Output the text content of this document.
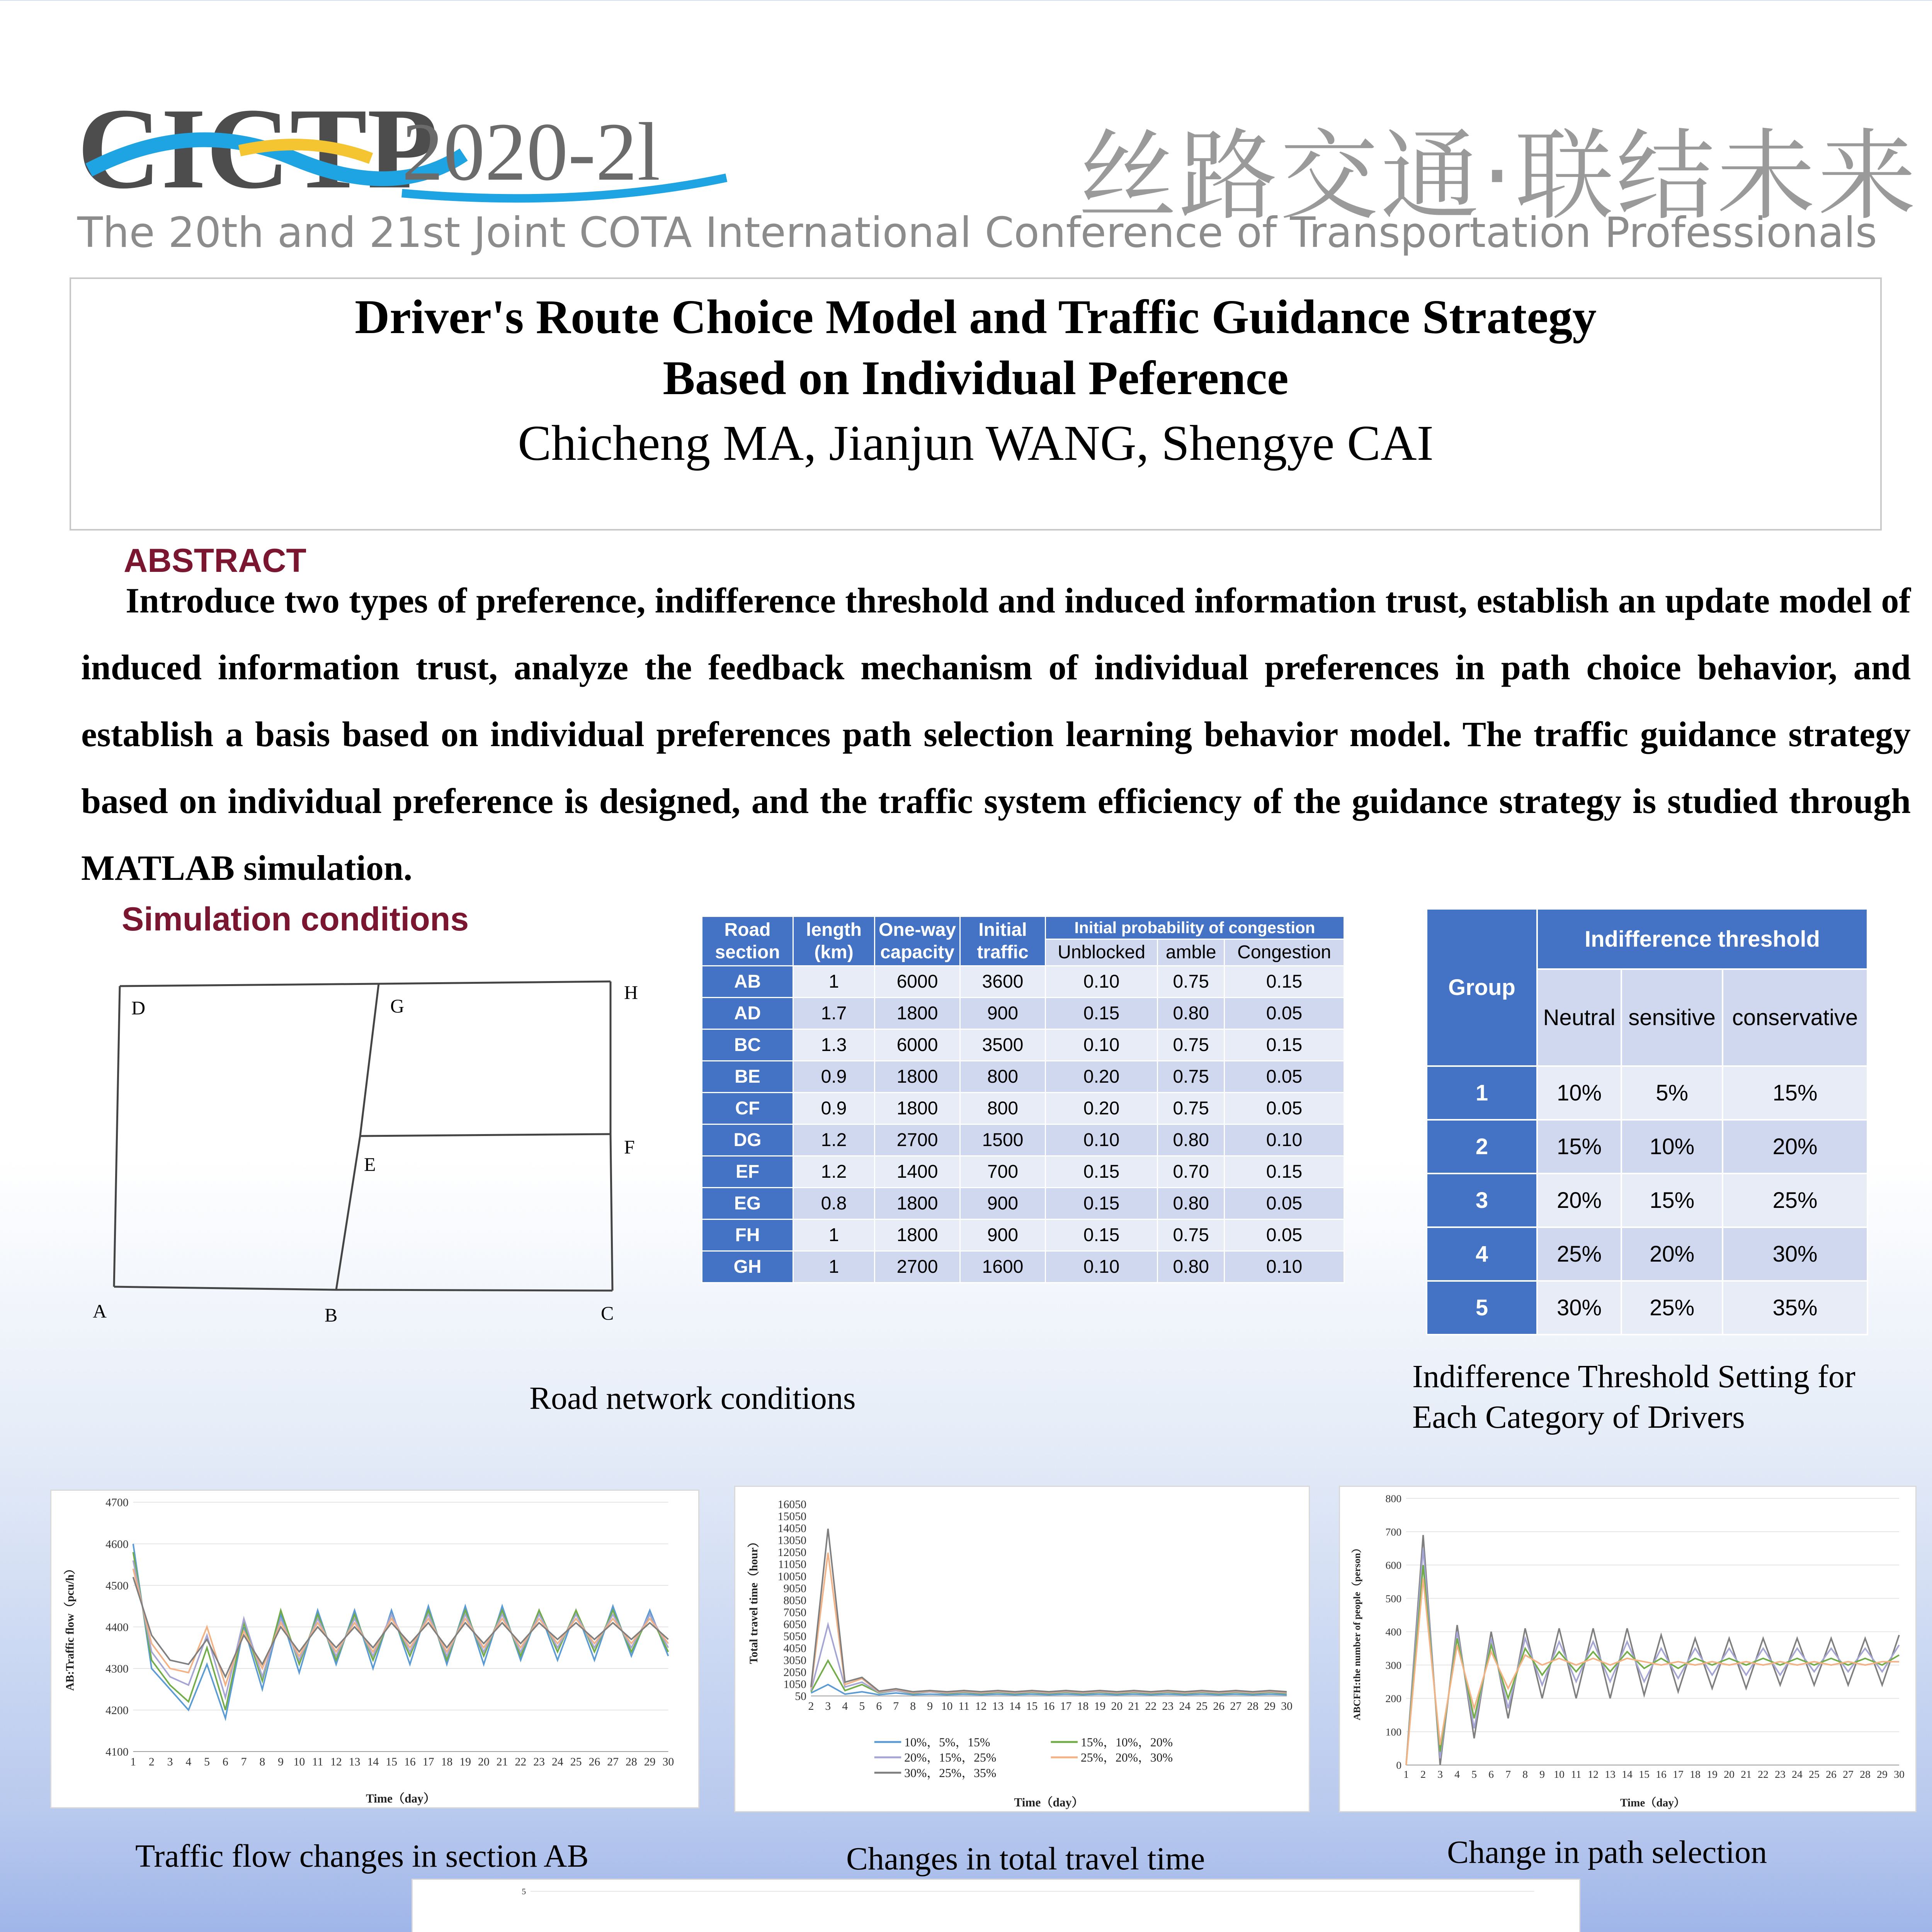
CICTP
2020-2l	丝路交通·联结未来
The 20th and 21st Joint COTA International Conference of Transportation Professionals
Driver's Route Choice Model and Traffic Guidance Strategy
Based on Individual Peference
Chicheng MA, Jianjun WANG, Shengye CAI
ABSTRACT
Introduce two types of preference, indifference threshold and induced information trust, establish an update model of induced information trust, analyze the feedback mechanism of individual preferences in path choice behavior, and establish a basis based on individual preferences path selection learning behavior model. The traffic guidance strategy based on individual preference is designed, and the traffic system efficiency of the guidance strategy is studied through MATLAB simulation.
Simulation conditions
D	G
H
E
F
A	B	C
Road network conditions
Road section	length (km)	One-way capacity	Initial traffic	Initial probability of congestion		
				Unblocked	amble	Congestion
AB	1	6000	3600	0.10	0.75	0.15
AD	1.7	1800	900	0.15	0.80	0.05
BC	1.3	6000	3500	0.10	0.75	0.15
BE	0.9	1800	800	0.20	0.75	0.05
CF	0.9	1800	800	0.20	0.75	0.05
DG	1.2	2700	1500	0.10	0.80	0.10
EF	1.2	1400	700	0.15	0.70	0.15
EG	0.8	1800	900	0.15	0.80	0.05
FH	1	1800	900	0.15	0.75	0.05
GH	1	2700	1600	0.10	0.80	0.10
Group	Indifference threshold		
	Neutral	sensitive	conservative
1	10%	5%	15%
2	15%	10%	20%
3	20%	15%	25%
4	25%	20%	30%
5	30%	25%	35%
Indifference Threshold Setting for Each Category of Drivers
4100
4200
4300
4400
4500
4600
4700
1 2 3 4 5 6 7 8 9 10 11 12 13 14 15 16 17 18 19 20 21 22 23 24 25 26 27 28 29 30
Time（day）
AB:Traffic flow（pcu/h）
Traffic flow changes in section AB
50
1050
2050
3050
4050
5050
6050
7050
8050
9050
10050
11050
12050
13050
14050
15050
16050
2 3 4 5 6 7 8 9 10 11 12 13 14 15 16 17 18 19 20 21 22 23 24 25 26 27 28 29 30
Time（day）
Total travel time（hour）
10%，5%，15%	15%，10%，20%
20%，15%，25%	25%，20%，30%
30%，25%，35%
Changes in total travel time
0
100
200
300
400
500
600
700
800
1 2 3 4 5 6 7 8 9 10 11 12 13 14 15 16 17 18 19 20 21 22 23 24 25 26 27 28 29 30
Time（day）
ABCFH:the number of people（person）
Change in path selection
5
